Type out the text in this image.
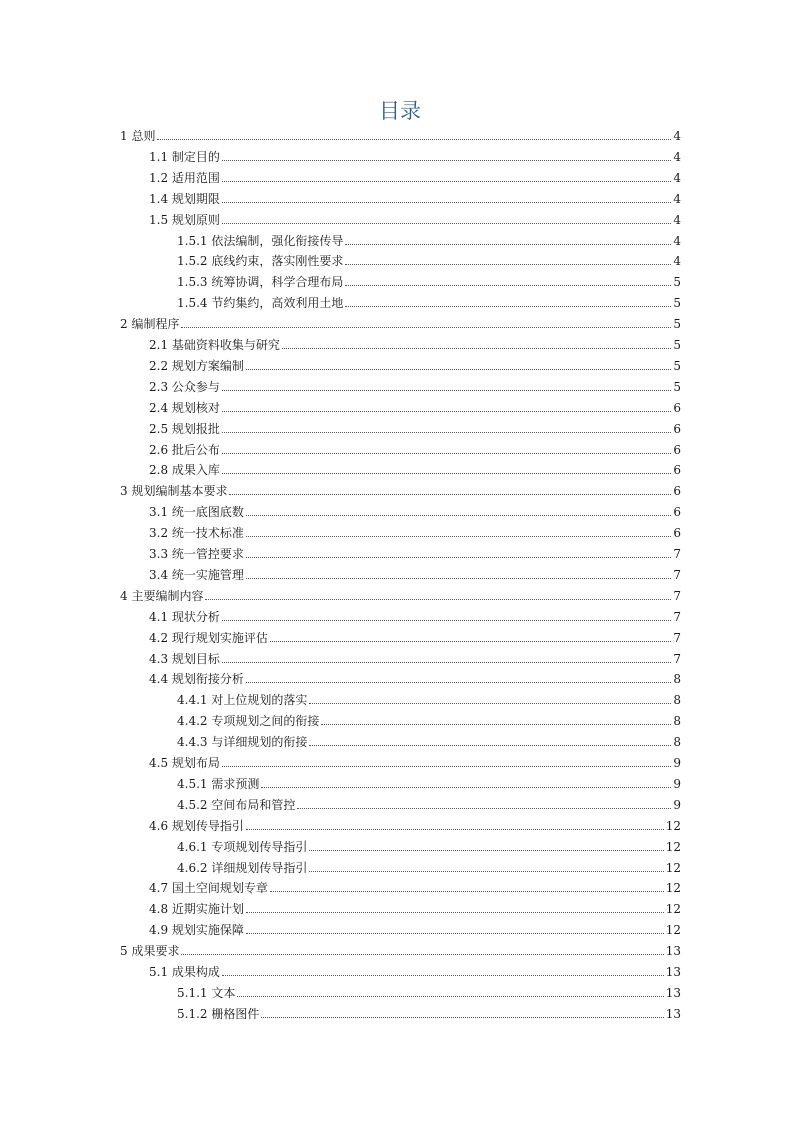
目录
1 总则	4
1.1 制定目的	4
1.2 适用范围	4
1.4 规划期限	4
1.5 规划原则	4
1.5.1 依法编制，强化衔接传导	4
1.5.2 底线约束，落实刚性要求	4
1.5.3 统筹协调，科学合理布局	5
1.5.4 节约集约，高效利用土地	5
2 编制程序	5
2.1 基础资料收集与研究	5
2.2 规划方案编制	5
2.3 公众参与	5
2.4 规划核对	6
2.5 规划报批	6
2.6 批后公布	6
2.8 成果入库	6
3 规划编制基本要求	6
3.1 统一底图底数	6
3.2 统一技术标准	6
3.3 统一管控要求	7
3.4 统一实施管理	7
4 主要编制内容	7
4.1 现状分析	7
4.2 现行规划实施评估	7
4.3 规划目标	7
4.4 规划衔接分析	8
4.4.1 对上位规划的落实	8
4.4.2 专项规划之间的衔接	8
4.4.3 与详细规划的衔接	8
4.5 规划布局	9
4.5.1 需求预测	9
4.5.2 空间布局和管控	9
4.6 规划传导指引	12
4.6.1 专项规划传导指引	12
4.6.2 详细规划传导指引	12
4.7 国土空间规划专章	12
4.8 近期实施计划	12
4.9 规划实施保障	12
5 成果要求	13
5.1 成果构成	13
5.1.1 文本	13
5.1.2 栅格图件	13
